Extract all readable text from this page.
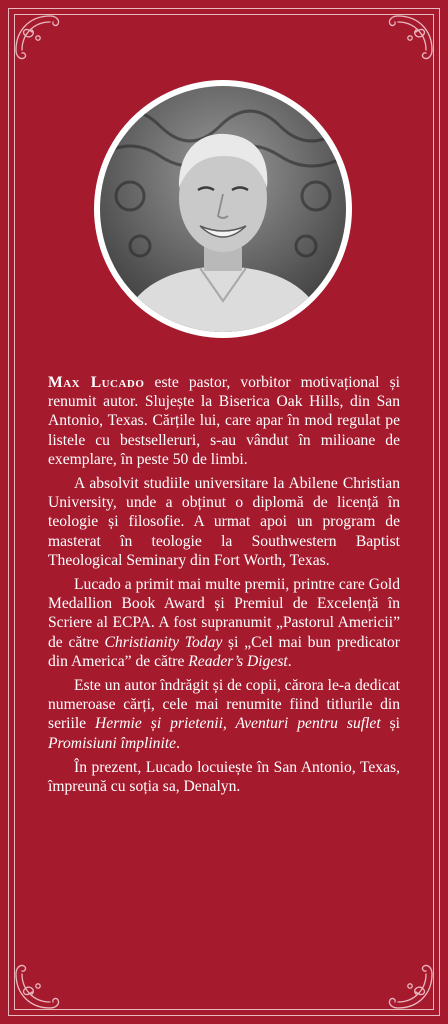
Max Lucado este pastor, vorbitor motivațional și renumit autor. Slujește la Biserica Oak Hills, din San Antonio, Texas. Cărțile lui, care apar în mod regulat pe listele cu bestselleruri, s-au vândut în milioane de exemplare, în peste 50 de limbi.

A absolvit studiile universitare la Abilene Christian University, unde a obținut o diplomă de licență în teologie și filosofie. A urmat apoi un program de masterat în teologie la Southwestern Baptist Theological Seminary din Fort Worth, Texas.

Lucado a primit mai multe premii, printre care Gold Medallion Book Award și Premiul de Excelență în Scriere al ECPA. A fost supranumit „Pastorul Americii” de către Christianity Today și „Cel mai bun predicator din America” de către Reader’s Digest.

Este un autor îndrăgit și de copii, cărora le-a dedicat numeroase cărți, cele mai renumite fiind titlurile din seriile Hermie și prietenii, Aventuri pentru suflet și Promisiuni împlinite.

În prezent, Lucado locuiește în San Antonio, Texas, împreună cu soția sa, Denalyn.
